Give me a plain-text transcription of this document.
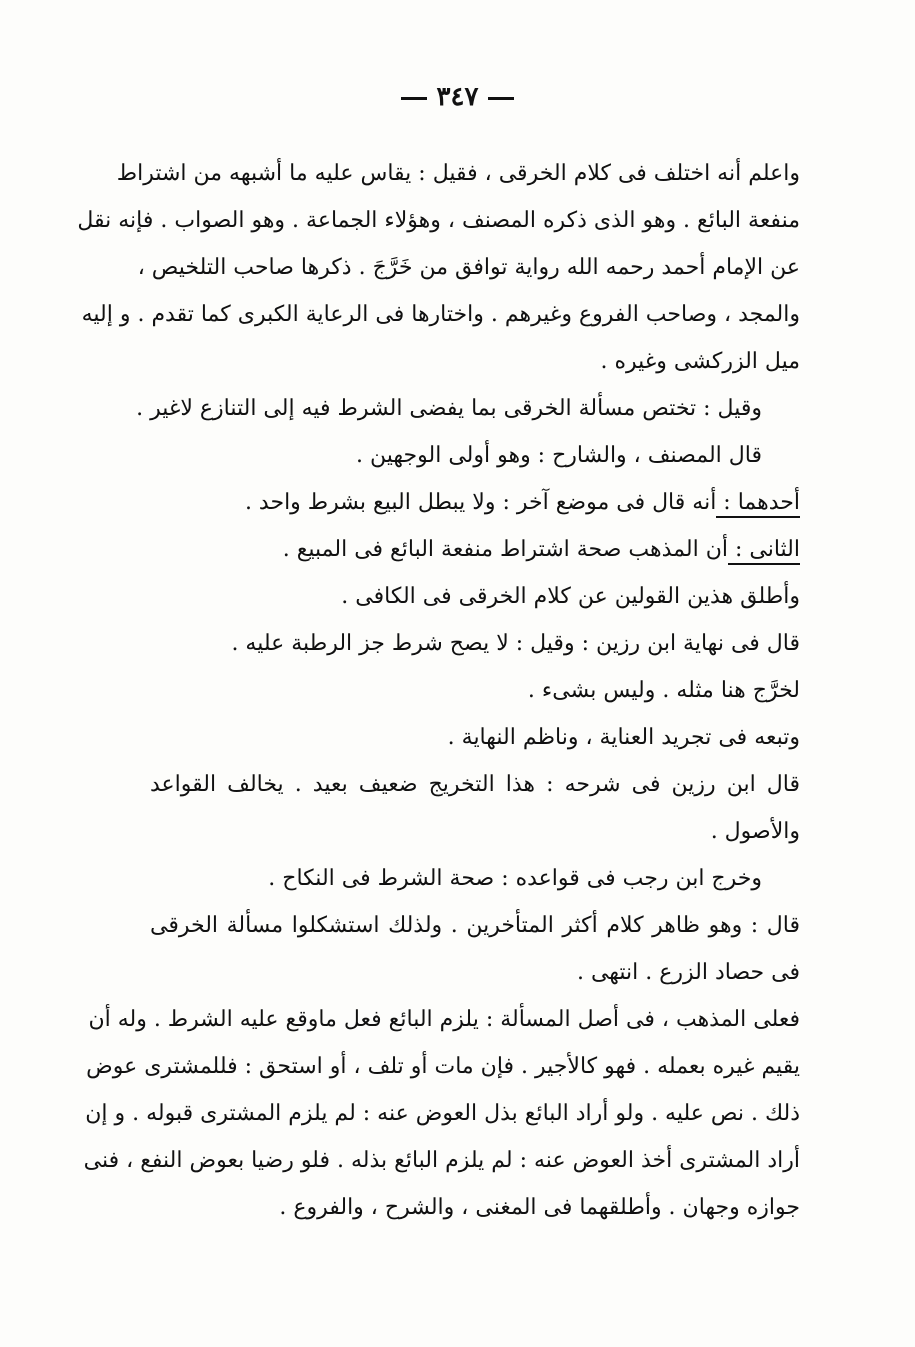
٣٤٧
واعلم أنه اختلف فى كلام الخرقى ، فقيل : يقاس عليه ما أشبهه من اشتراط
منفعة البائع . وهو الذى ذكره المصنف ، وهؤلاء الجماعة . وهو الصواب . فإنه نقل
عن الإمام أحمد رحمه الله رواية توافق من خَرَّجَ . ذكرها صاحب التلخيص ،
والمجد ، وصاحب الفروع وغيرهم . واختارها فى الرعاية الكبرى كما تقدم . و إليه
ميل الزركشى وغيره .
وقيل : تختص مسألة الخرقى بما يفضى الشرط فيه إلى التنازع لاغير .
قال المصنف ، والشارح : وهو أولى الوجهين .
أحدهما : أنه قال فى موضع آخر : ولا يبطل البيع بشرط واحد .
الثانى : أن المذهب صحة اشتراط منفعة البائع فى المبيع .
وأطلق هذين القولين عن كلام الخرقى فى الكافى .
قال فى نهاية ابن رزين : وقيل : لا يصح شرط جز الرطبة عليه .
لخرَّج هنا مثله . وليس بشىء .
وتبعه فى تجريد العناية ، وناظم النهاية .
قال ابن رزين فى شرحه : هذا التخريج ضعيف بعيد . يخالف القواعد
والأصول .
وخرج ابن رجب فى قواعده : صحة الشرط فى النكاح .
قال : وهو ظاهر كلام أكثر المتأخرين . ولذلك استشكلوا مسألة الخرقى
فى حصاد الزرع . انتهى .
فعلى المذهب ، فى أصل المسألة : يلزم البائع فعل ماوقع عليه الشرط . وله أن
يقيم غيره بعمله . فهو كالأجير . فإن مات أو تلف ، أو استحق : فللمشترى عوض
ذلك . نص عليه . ولو أراد البائع بذل العوض عنه : لم يلزم المشترى قبوله . و إن
أراد المشترى أخذ العوض عنه : لم يلزم البائع بذله . فلو رضيا بعوض النفع ، فنى
جوازه وجهان . وأطلقهما فى المغنى ، والشرح ، والفروع .
